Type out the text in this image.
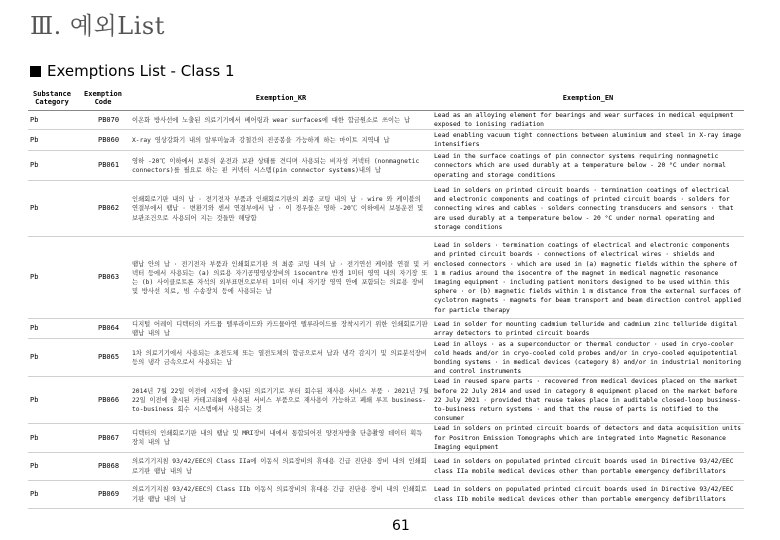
Ⅲ. 예외List
Exemptions List - Class 1
Substance Category	Exemption Code	Exemption_KR	Exemption_EN
Pb	PB070	이온화 방사선에 노출된 의료기기에서 베어링과 wear surfaces에 대한 합금원소로 쓰이는 납	Lead as an alloying element for bearings and wear surfaces in medical equipment exposed to ionising radiation
Pb	PB060	X-ray 영상강화기 내의 알루미늄과 강철간의 진공봉을 가능하게 하는 마이트 지역내 납	Lead enabling vacuum tight connections between aluminium and steel in X-ray image intensifiers
Pb	PB061	영하 -20℃ 이하에서 보통의 운전과 보관 상태를 견디며 사용되는 비자성 커넥터 (nonmagnetic connectors)를 필요로 하는 핀 커넥터 시스템(pin connector systems)내의 납	Lead in the surface coatings of pin connector systems requiring nonmagnetic connectors which are used durably at a temperature below - 20 °C under normal operating and storage conditions
Pb	PB062	인쇄회로기판 내의 납 · 전기전자 부품과 인쇄회로기판의 최종 코팅 내의 납 · wire 와 케이블의 연결부에서 땜납 · 변환기와 센서 연결부에서 납 · 이 경우들은 영하 -20℃ 이하에서 보통운전 및 보관조건으로 사용되어 지는 것들만 해당함	Lead in solders on printed circuit boards · termination coatings of electrical and electronic components and coatings of printed circuit boards · solders for connecting wires and cables · solders connecting transducers and sensors · that are used durably at a temperature below - 20 °C under normal operating and storage conditions
Pb	PB063	땜납 안의 납 · 전기전자 부품과 인쇄회로기판 의 최종 코팅 내의 납 · 전기연선 케이블 연결 및 커넥터 등에서 사용되는 (a) 의료용 자기공명영상장비의 isocentre 반경 1미터 영역 내의 자기장 또는 (b) 사이클로트론 자석의 외부표면으로부터 1미터 이내 자기장 영역 안에 포함되는 의료용 장비 및 방사선 치료, 빔 수송장치 등에 사용되는 납	Lead in solders · termination coatings of electrical and electronic components and printed circuit boards · connections of electrical wires · shields and enclosed connectors · which are used in (a) magnetic fields within the sphere of 1 m radius around the isocentre of the magnet in medical magnetic resonance imaging equipment · including patient monitors designed to be used within this sphere · or (b) magnetic fields within 1 m distance from the external surfaces of cyclotron magnets · magnets for beam transport and beam direction control applied for particle therapy
Pb	PB064	디지털 어레이 디텍터의 카드뮴 텔루라이드와 카드뮴아연 텔루라이드를 장착시키기 위한 인쇄회로기판 땜납 내의 납	Lead in solder for mounting cadmium telluride and cadmium zinc telluride digital array detectors to printed circuit boards
Pb	PB065	1차 의료기기에서 사용되는 초전도체 또는 열전도체의 합금으로서 납과 냉각 감지기 및 의료분석장비 등의 냉각 금속으로서 사용되는 납	Lead in alloys · as a superconductor or thermal conductor · used in cryo-cooler cold heads and/or in cryo-cooled cold probes and/or in cryo-cooled equipotential bonding systems · in medical devices (category 8) and/or in industrial monitoring and control instruments
Pb	PB066	2014년 7월 22일 이전에 시장에 출시된 의료기기로 부터 회수된 재사용 서비스 부품 · 2021년 7월 22일 이전에 출시된 카테고리8에 사용된 서비스 부품으로 재사용이 가능하고 폐쇄 루프 business-to-business 회수 시스템에서 사용되는 것	Lead in reused spare parts · recovered from medical devices placed on the market before 22 July 2014 and used in category 8 equipment placed on the market before 22 July 2021 · provided that reuse takes place in auditable closed-loop business-to-business return systems · and that the reuse of parts is notified to the consumer
Pb	PB067	디텍터의 인쇄회로기판 내의 땜납 및 MRI장비 내에서 통합되어진 양전자방출 단층촬영 데이터 획득 장치 내의 납	Lead in solders on printed circuit boards of detectors and data acquisition units for Positron Emission Tomographs which are integrated into Magnetic Resonance Imaging equipment
Pb	PB068	의료기기지침 93/42/EEC의 Class IIa에 이동식 의료장비의 휴대용 긴급 진단용 장비 내의 인쇄회로기판 땜납 내의 납	Lead in solders on populated printed circuit boards used in Directive 93/42/EEC class IIa mobile medical devices other than portable emergency defibrillators
Pb	PB069	의료기기지침 93/42/EEC의 Class IIb 이동식 의료장비의 휴대용 긴급 진단용 장비 내의 인쇄회로기판 땜납 내의 납	Lead in solders on populated printed circuit boards used in Directive 93/42/EEC class IIb mobile medical devices other than portable emergency defibrillators
61
